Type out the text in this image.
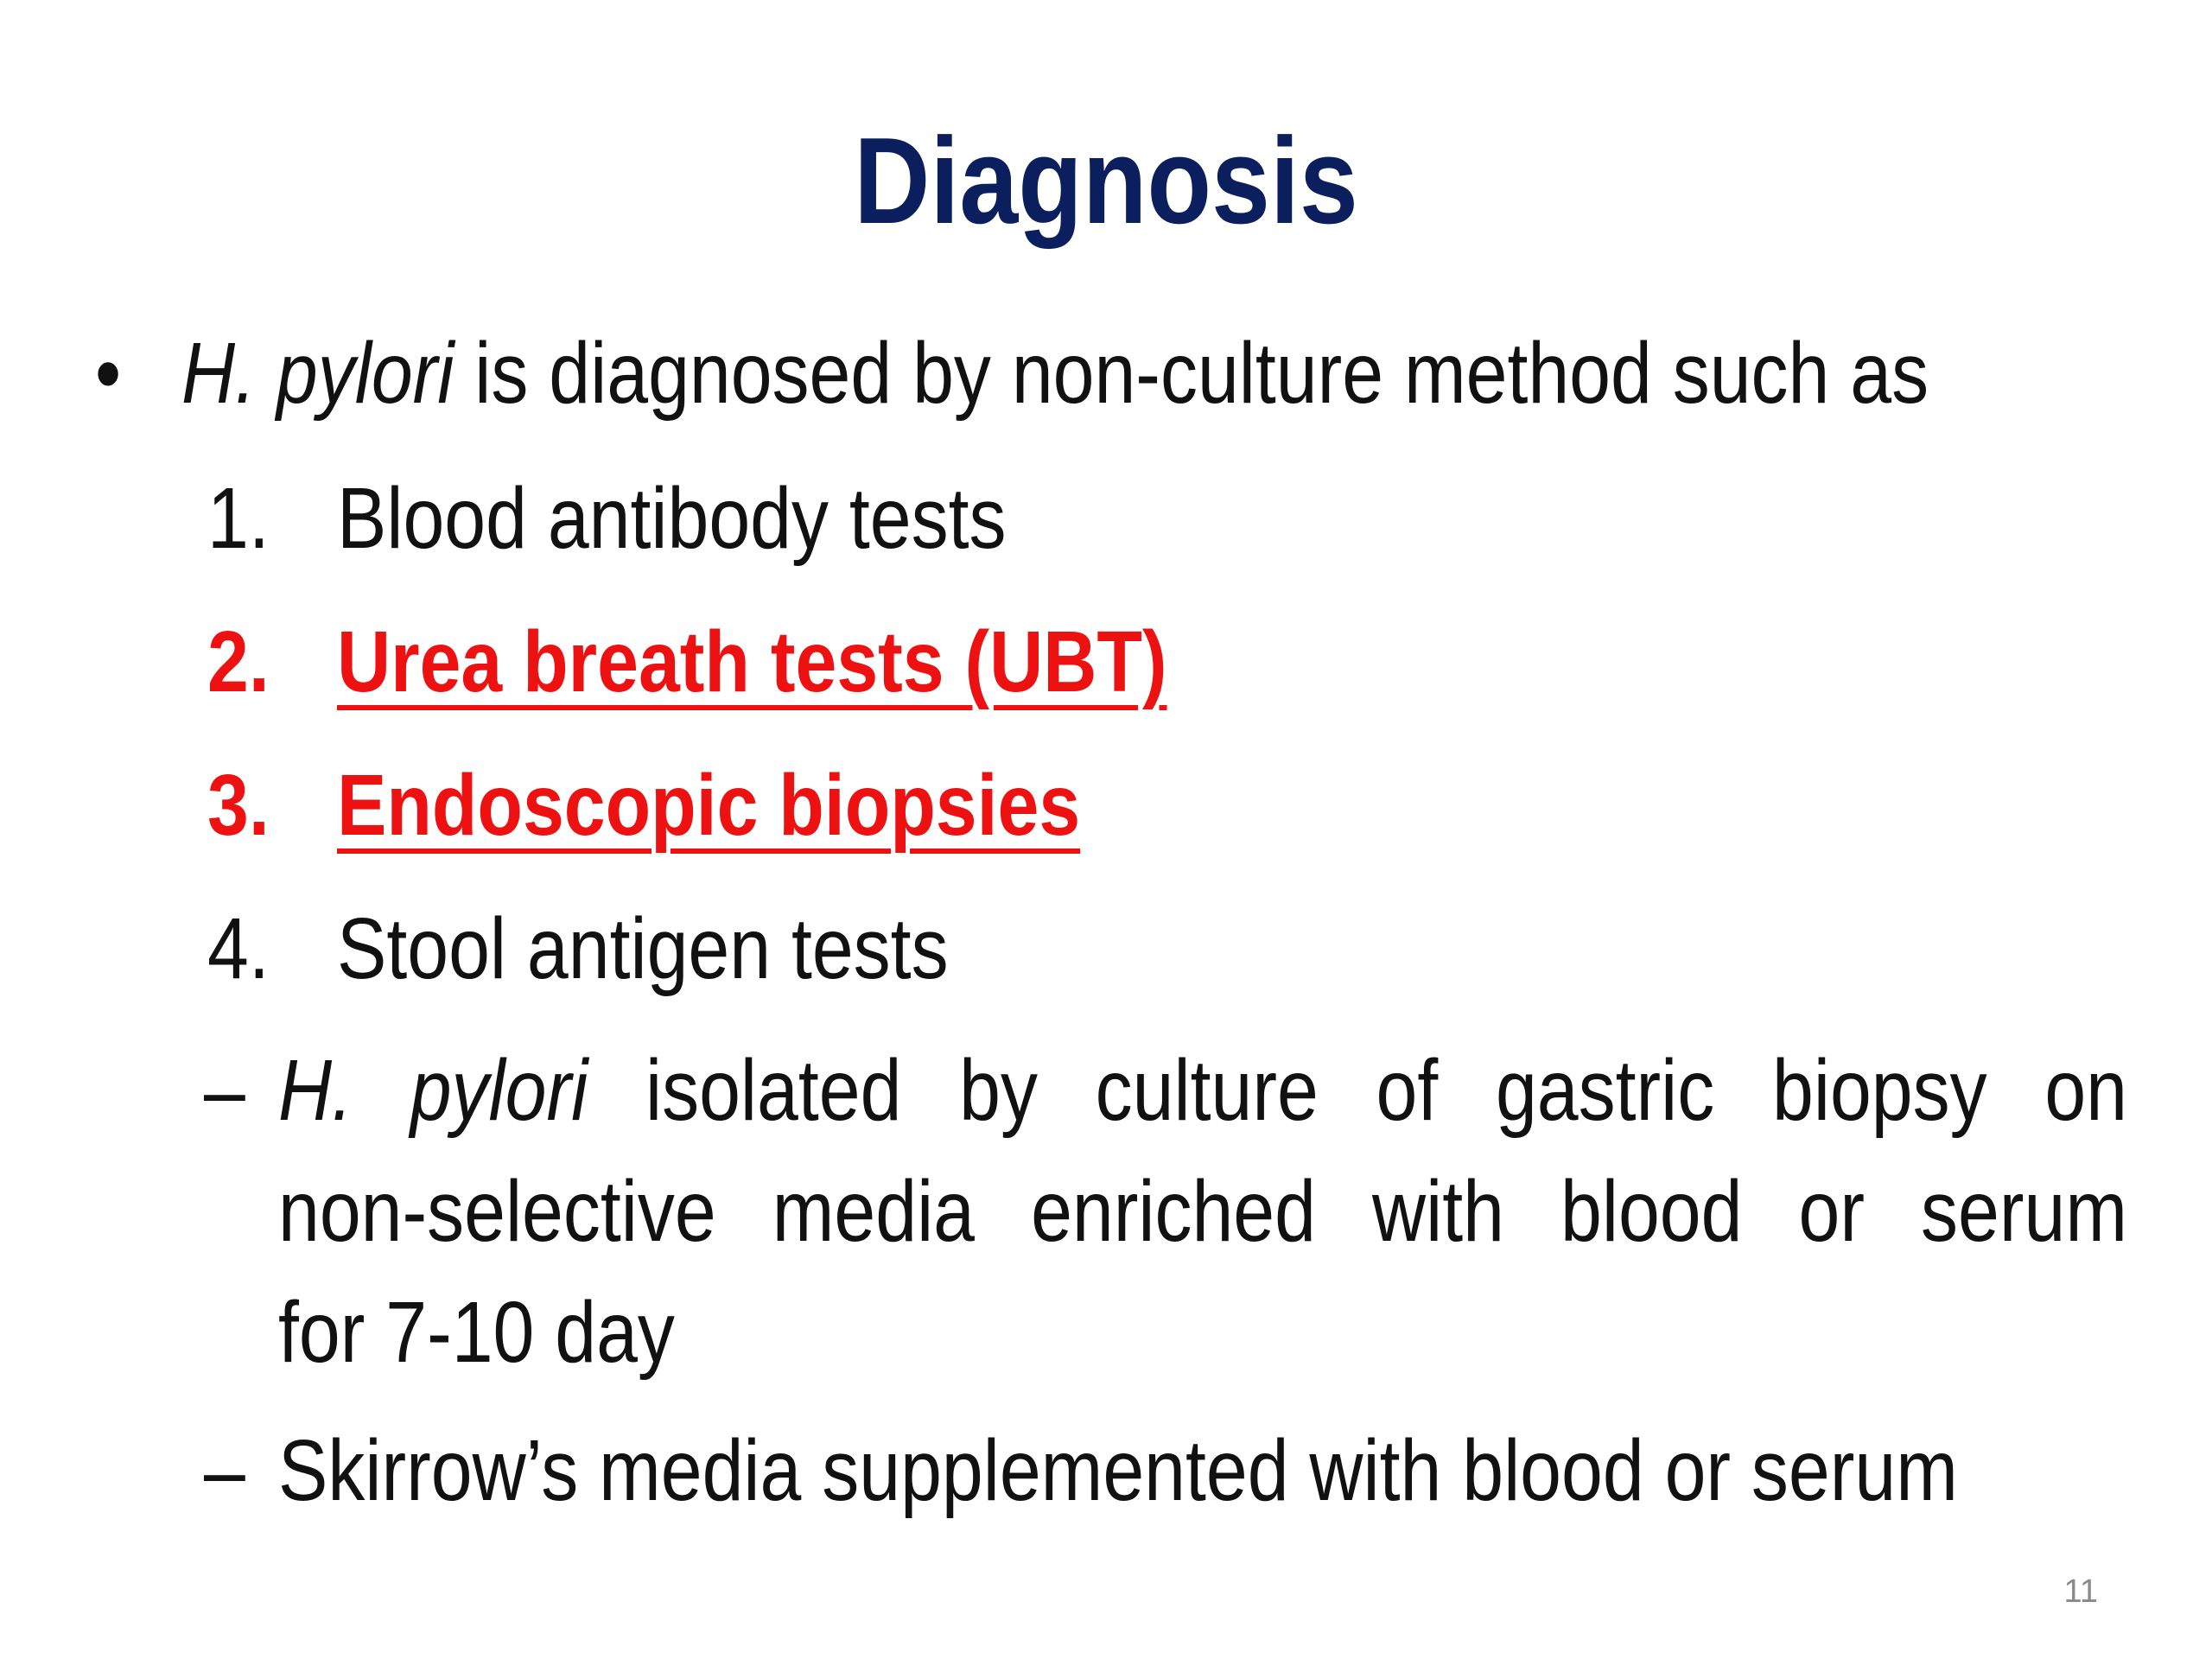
Diagnosis
• H. pylori is diagnosed by non-culture method such as
1. Blood antibody tests
2. Urea breath tests (UBT)
3. Endoscopic biopsies
4. Stool antigen tests
– H. pylori isolated by culture of gastric biopsy on
non-selective media enriched with blood or serum
for 7-10 day
– Skirrow’s media supplemented with blood or serum
11
